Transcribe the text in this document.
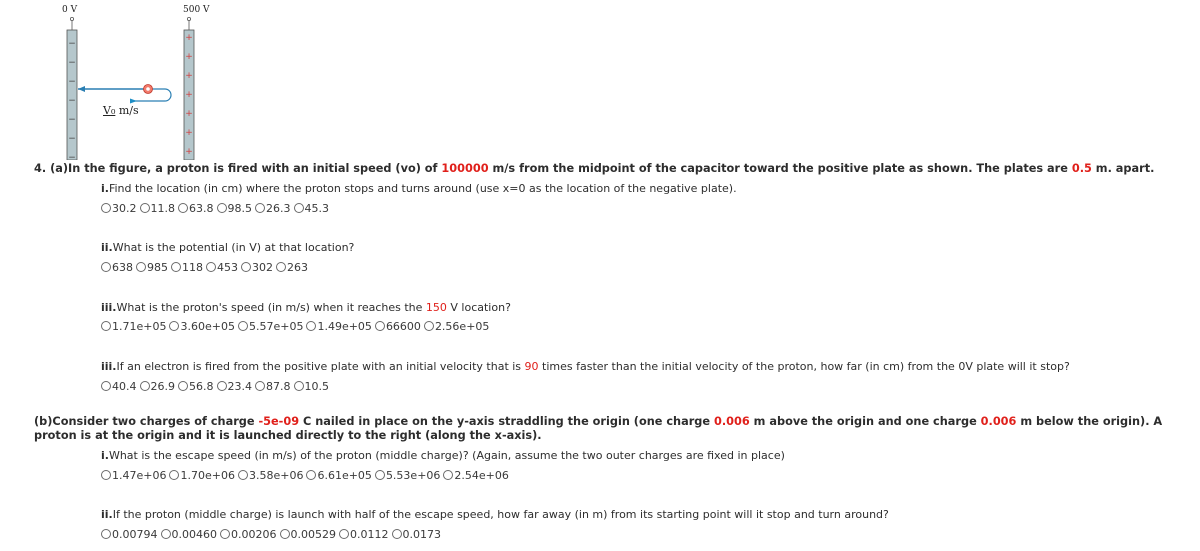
0 V	500 V
−
−
−
−
−
−
−
+
+
+
+
+
+
+
V₀ m/s
4. (a)In the figure, a proton is fired with an initial speed (vo) of 100000 m/s from the midpoint of the capacitor toward the positive plate as shown. The plates are 0.5 m. apart.
i.Find the location (in cm) where the proton stops and turns around (use x=0 as the location of the negative plate).
30.2 11.8 63.8 98.5 26.3 45.3
ii.What is the potential (in V) at that location?
638 985 118 453 302 263
iii.What is the proton's speed (in m/s) when it reaches the 150 V location?
1.71e+05 3.60e+05 5.57e+05 1.49e+05 66600 2.56e+05
iii.If an electron is fired from the positive plate with an initial velocity that is 90 times faster than the initial velocity of the proton, how far (in cm) from the 0V plate will it stop?
40.4 26.9 56.8 23.4 87.8 10.5
(b)Consider two charges of charge -5e-09 C nailed in place on the y-axis straddling the origin (one charge 0.006 m above the origin and one charge 0.006 m below the origin). A proton is at the origin and it is launched directly to the right (along the x-axis).
i.What is the escape speed (in m/s) of the proton (middle charge)? (Again, assume the two outer charges are fixed in place)
1.47e+06 1.70e+06 3.58e+06 6.61e+05 5.53e+06 2.54e+06
ii.If the proton (middle charge) is launch with half of the escape speed, how far away (in m) from its starting point will it stop and turn around?
0.00794 0.00460 0.00206 0.00529 0.0112 0.0173
